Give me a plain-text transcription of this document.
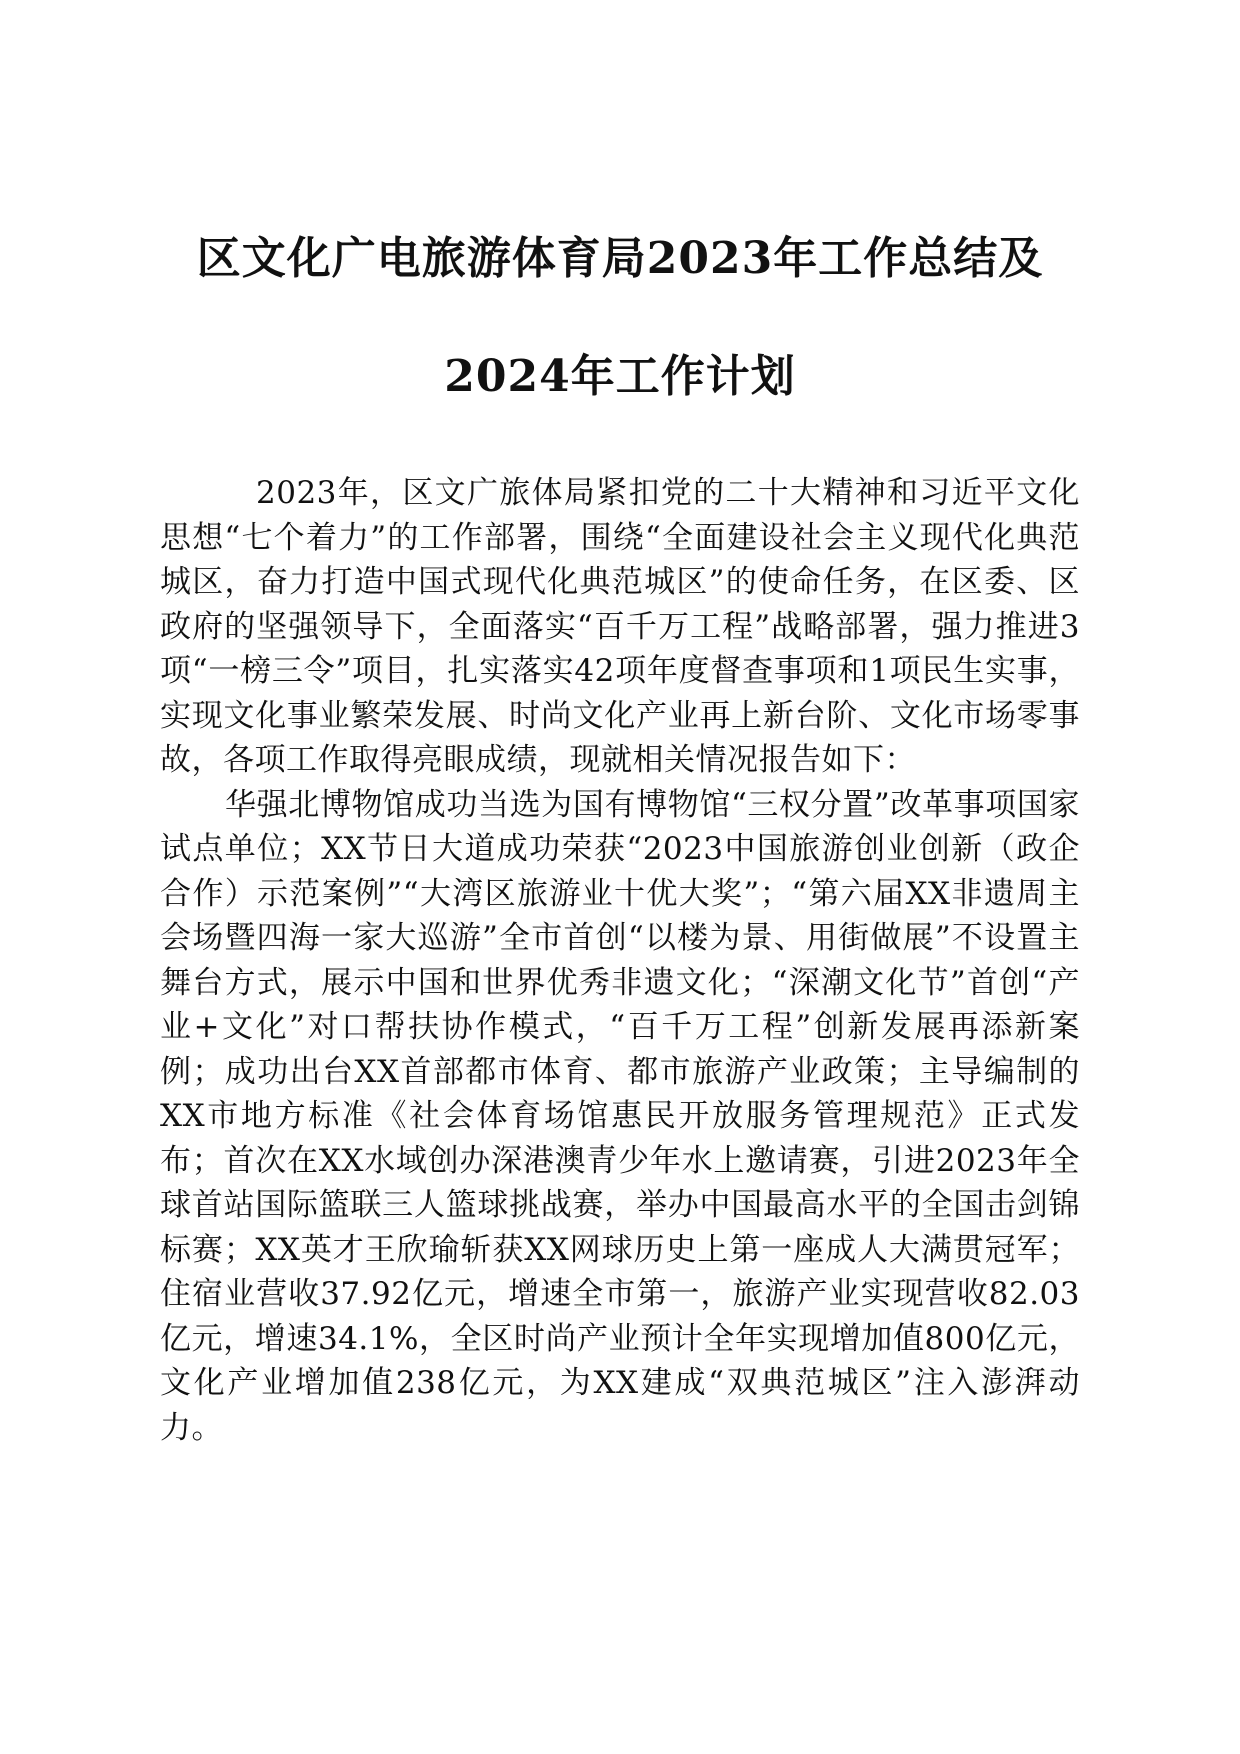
区文化广电旅游体育局2023年工作总结及
2024年工作计划

2023年，区文广旅体局紧扣党的二十大精神和习近平文化思想“七个着力”的工作部署，围绕“全面建设社会主义现代化典范城区，奋力打造中国式现代化典范城区”的使命任务，在区委、区政府的坚强领导下，全面落实“百千万工程”战略部署，强力推进3项“一榜三令”项目，扎实落实42项年度督查事项和1项民生实事，实现文化事业繁荣发展、时尚文化产业再上新台阶、文化市场零事故，各项工作取得亮眼成绩，现就相关情况报告如下：

华强北博物馆成功当选为国有博物馆“三权分置”改革事项国家试点单位；XX节日大道成功荣获“2023中国旅游创业创新（政企合作）示范案例”“大湾区旅游业十优大奖”；“第六届XX非遗周主会场暨四海一家大巡游”全市首创“以楼为景、用街做展”不设置主舞台方式，展示中国和世界优秀非遗文化；“深潮文化节”首创“产业+文化”对口帮扶协作模式，“百千万工程”创新发展再添新案例；成功出台XX首部都市体育、都市旅游产业政策；主导编制的XX市地方标准《社会体育场馆惠民开放服务管理规范》正式发布；首次在XX水域创办深港澳青少年水上邀请赛，引进2023年全球首站国际篮联三人篮球挑战赛，举办中国最高水平的全国击剑锦标赛；XX英才王欣瑜斩获XX网球历史上第一座成人大满贯冠军；住宿业营收37.92亿元，增速全市第一，旅游产业实现营收82.03亿元，增速34.1%，全区时尚产业预计全年实现增加值800亿元，文化产业增加值238亿元，为XX建成“双典范城区”注入澎湃动力。
